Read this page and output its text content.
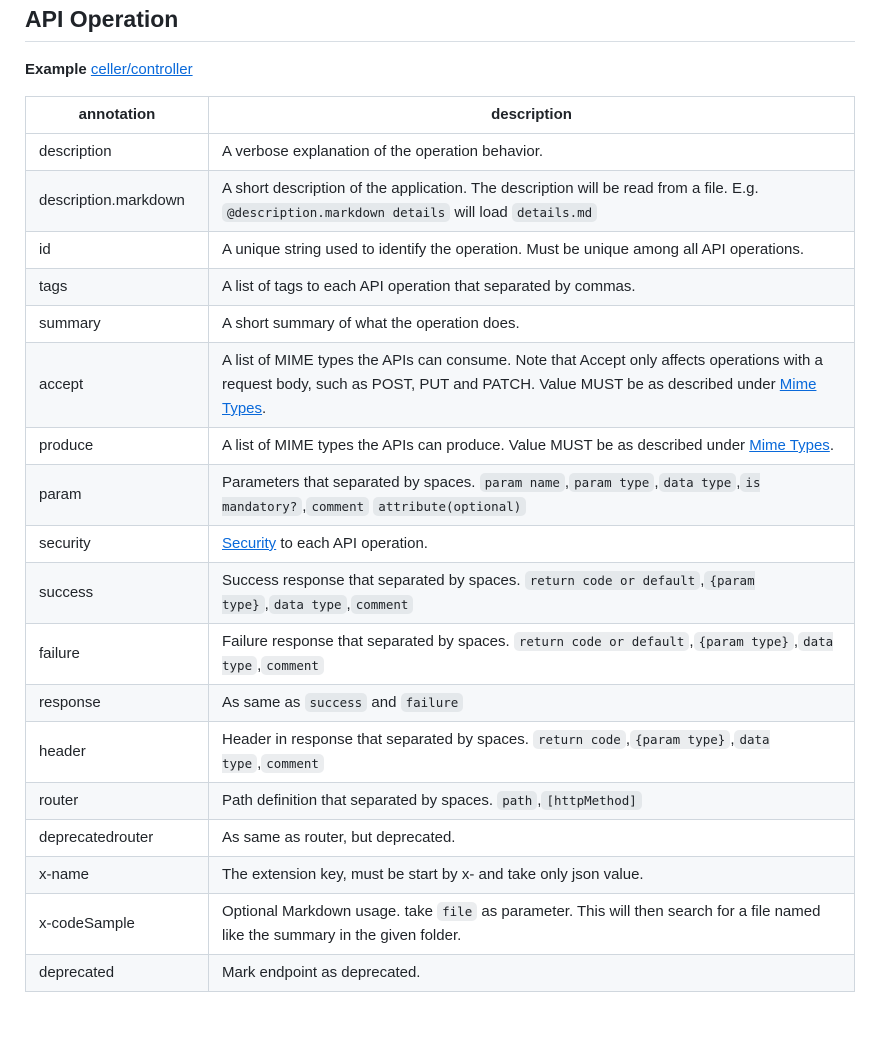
API Operation

Example celler/controller

annotation	description
description	A verbose explanation of the operation behavior.
description.markdown	A short description of the application. The description will be read from a file. E.g. @description.markdown details will load details.md
id	A unique string used to identify the operation. Must be unique among all API operations.
tags	A list of tags to each API operation that separated by commas.
summary	A short summary of what the operation does.
accept	A list of MIME types the APIs can consume. Note that Accept only affects operations with a request body, such as POST, PUT and PATCH. Value MUST be as described under Mime Types.
produce	A list of MIME types the APIs can produce. Value MUST be as described under Mime Types.
param	Parameters that separated by spaces. param name , param type , data type , is mandatory? , comment attribute(optional)
security	Security to each API operation.
success	Success response that separated by spaces. return code or default , {param type} , data type , comment
failure	Failure response that separated by spaces. return code or default , {param type} , data type , comment
response	As same as success and failure
header	Header in response that separated by spaces. return code , {param type} , data type , comment
router	Path definition that separated by spaces. path , [httpMethod]
deprecatedrouter	As same as router, but deprecated.
x-name	The extension key, must be start by x- and take only json value.
x-codeSample	Optional Markdown usage. take file as parameter. This will then search for a file named like the summary in the given folder.
deprecated	Mark endpoint as deprecated.
